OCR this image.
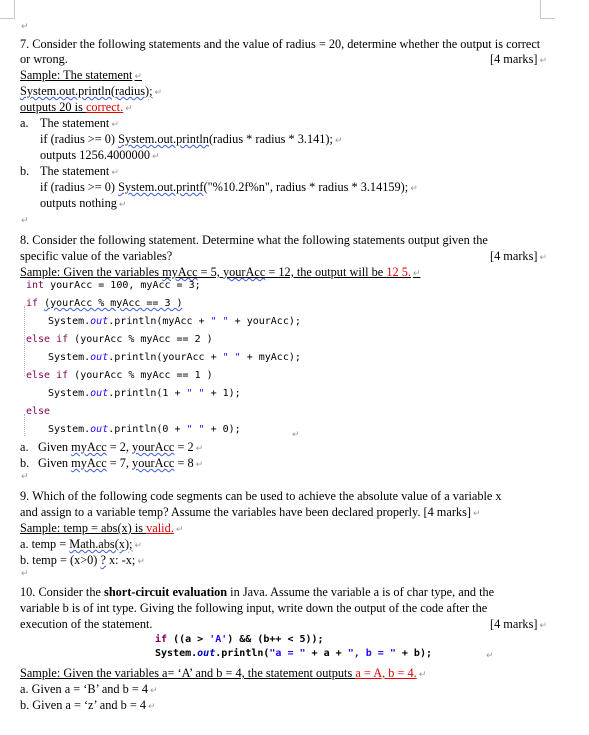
↵
7. Consider the following statements and the value of radius = 20, determine whether the output is correct
or wrong.	[4 marks] ↵
Sample: The statement ↵
System.out.println(radius); ↵
outputs 20 is correct. ↵
a. The statement ↵
if (radius >= 0) System.out.println(radius * radius * 3.141); ↵
outputs 1256.4000000 ↵
b. The statement ↵
if (radius >= 0) System.out.printf("%10.2f%n", radius * radius * 3.14159); ↵
outputs nothing ↵
↵
8. Consider the following statement. Determine what the following statements output given the
specific value of the variables?	[4 marks] ↵
Sample: Given the variables myAcc = 5, yourAcc = 12, the output will be 12 5. ↵
int yourAcc = 100, myAcc = 3;
if (yourAcc % myAcc == 3 )
System.out.println(myAcc + " " + yourAcc);
else if (yourAcc % myAcc == 2 )
System.out.println(yourAcc + " " + myAcc);
else if (yourAcc % myAcc == 1 )
System.out.println(1 + " " + 1);
else
System.out.println(0 + " " + 0);	↵
a. Given myAcc = 2, yourAcc = 2 ↵
b. Given myAcc = 7, yourAcc = 8 ↵
↵
9. Which of the following code segments can be used to achieve the absolute value of a variable x
and assign to a variable temp? Assume the variables have been declared properly. [4 marks] ↵
Sample: temp = abs(x) is valid. ↵
a. temp = Math.abs(x); ↵
b. temp = (x>0) ? x: -x; ↵
↵
10. Consider the short-circuit evaluation in Java. Assume the variable a is of char type, and the
variable b is of int type. Giving the following input, write down the output of the code after the
execution of the statement.	[4 marks] ↵
if ((a > 'A') && (b++ < 5));
System.out.println("a = " + a + ", b = " + b);	↵
Sample: Given the variables a= ‘A’ and b = 4, the statement outputs a = A, b = 4. ↵
a. Given a = ‘B’ and b = 4 ↵
b. Given a = ‘z’ and b = 4 ↵
